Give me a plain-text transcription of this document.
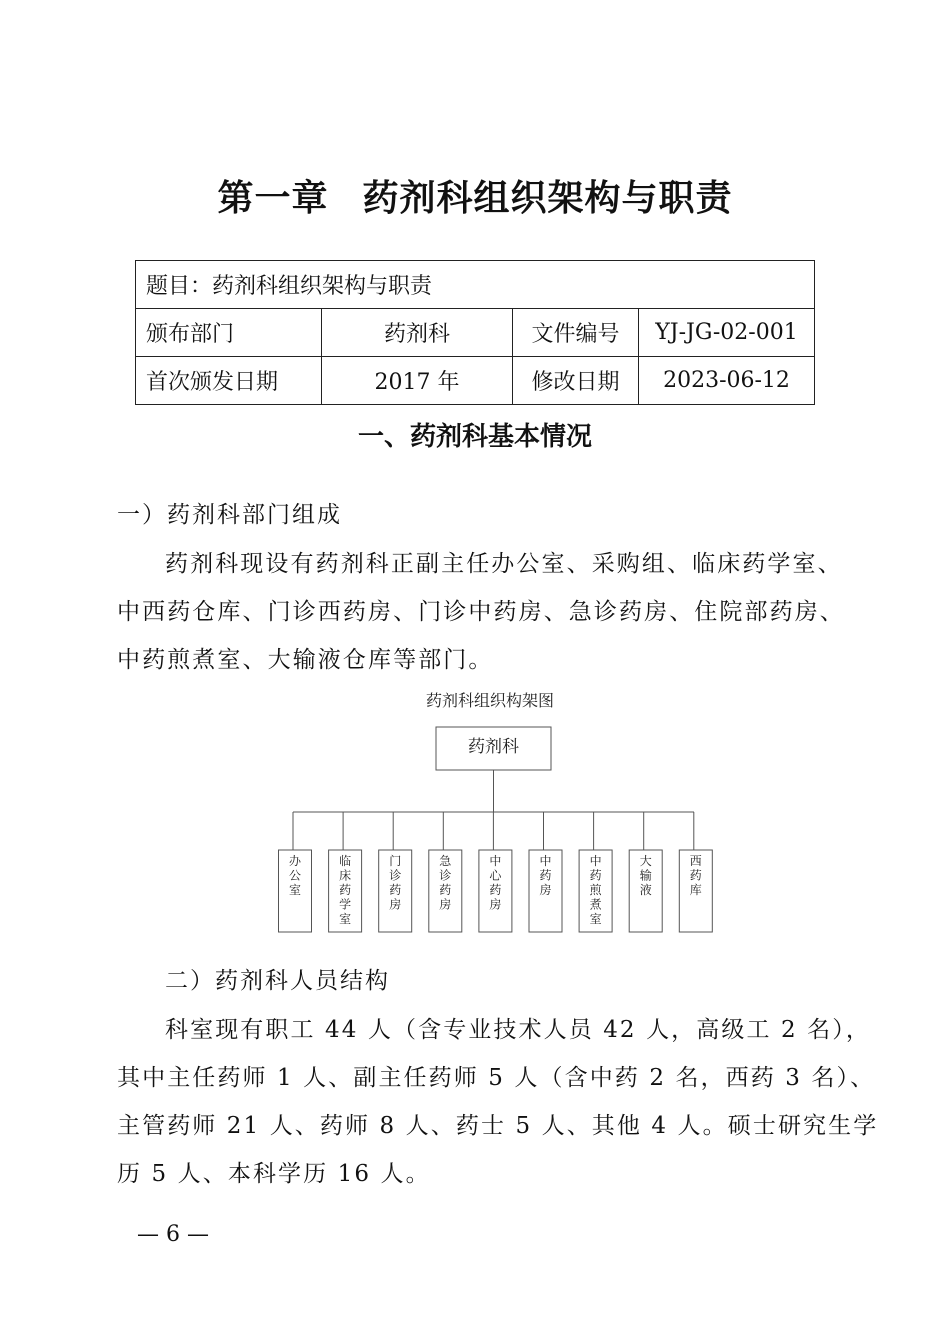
第一章 药剂科组织架构与职责
题目：药剂科组织架构与职责			
颁布部门	药剂科	文件编号	YJ-JG-02-001
首次颁发日期	2017 年	修改日期	2023-06-12
一、药剂科基本情况
一）药剂科部门组成
药剂科现设有药剂科正副主任办公室、采购组、临床药学室、
中西药仓库、门诊西药房、门诊中药房、急诊药房、住院部药房、
中药煎煮室、大输液仓库等部门。
药剂科组织构架图
药剂科
办公室
临床药学室
门诊药房
急诊药房
中心药房
中药房
中药煎煮室
大输液
西药库
二）药剂科人员结构
科室现有职工 44 人（含专业技术人员 42 人，高级工 2 名），
其中主任药师 1 人、副主任药师 5 人（含中药 2 名，西药 3 名）、
主管药师 21 人、药师 8 人、药士 5 人、其他 4 人。硕士研究生学
历 5 人、本科学历 16 人。
— 6 —
